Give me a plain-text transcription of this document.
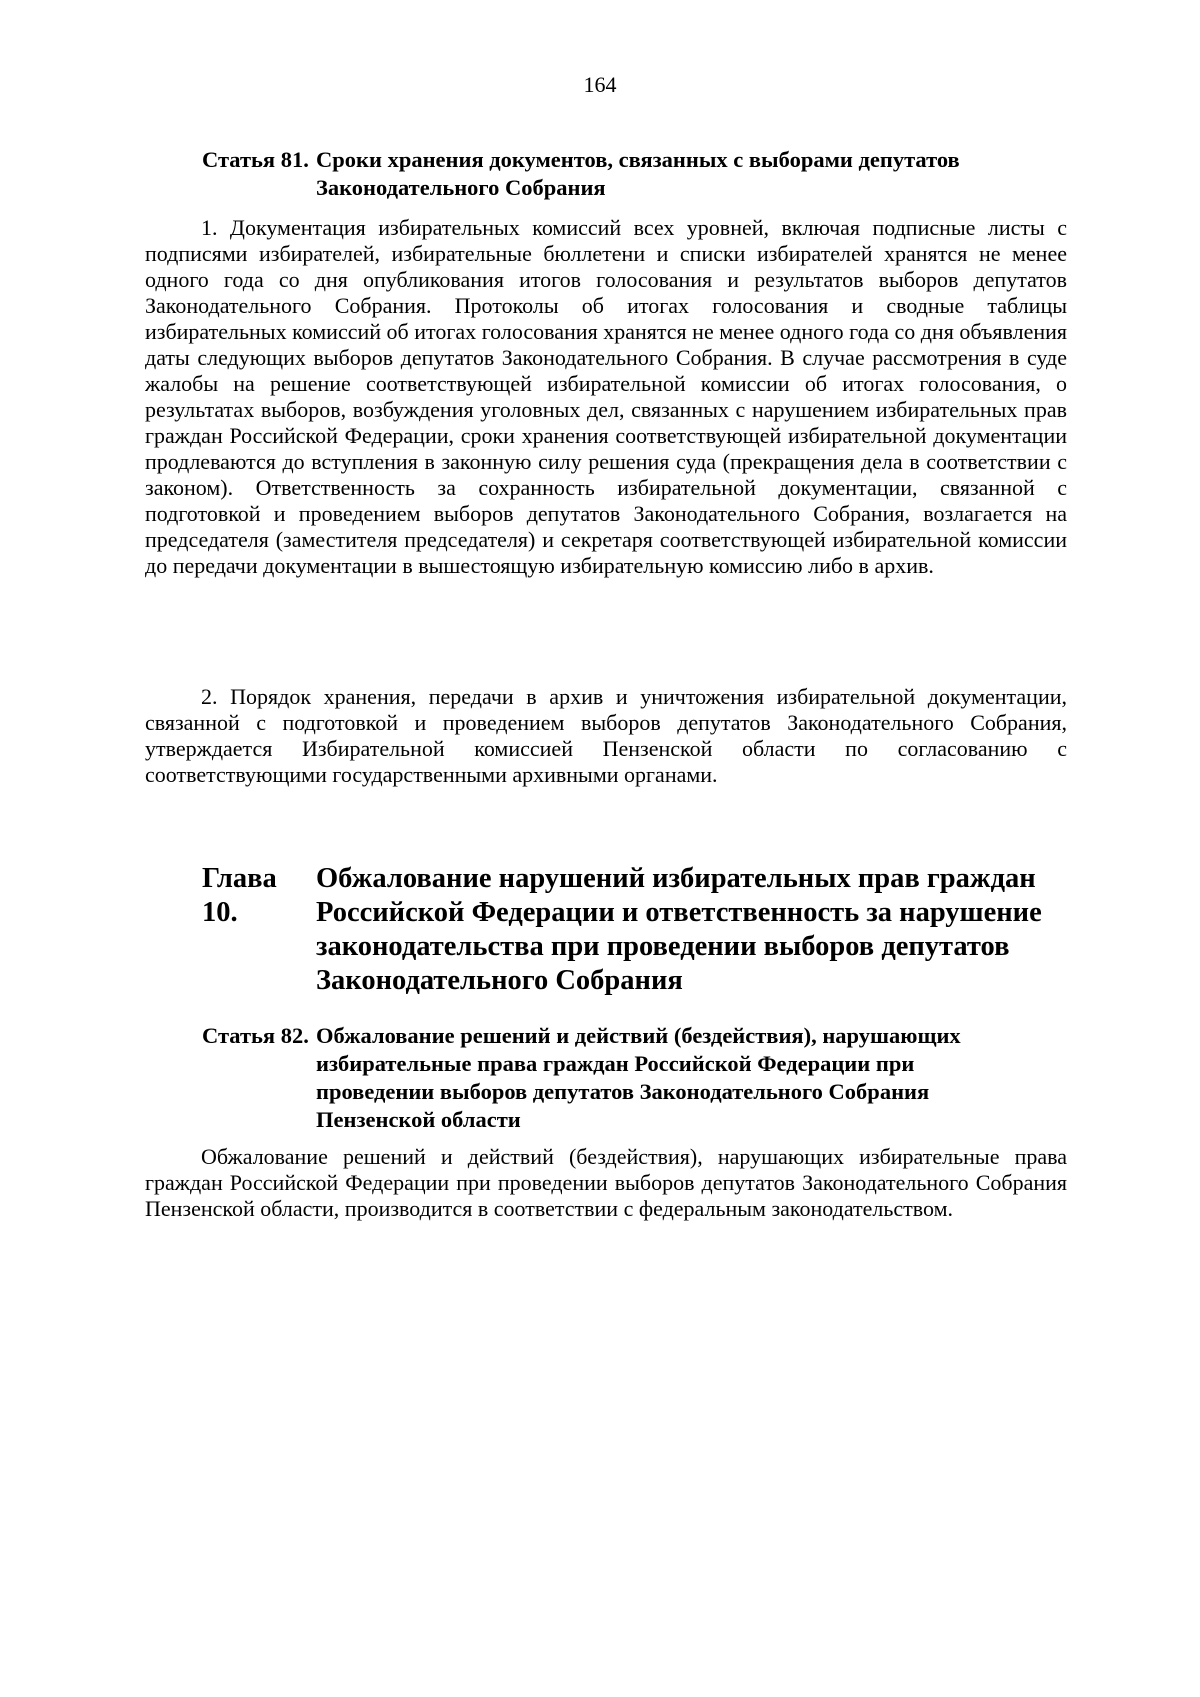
164
Статья 81. Сроки хранения документов, связанных с выборами депутатов
Законодательного Собрания

1. Документация избирательных комиссий всех уровней, включая подписные листы с подписями избирателей, избирательные бюллетени и списки избирателей хранятся не менее одного года со дня опубликования итогов голосования и результатов выборов депутатов Законодательного Собрания. Протоколы об итогах голосования и сводные таблицы избирательных комиссий об итогах голосования хранятся не менее одного года со дня объявления даты следующих выборов депутатов Законодательного Собрания. В случае рассмотрения в суде жалобы на решение соответствующей избирательной комиссии об итогах голосования, о результатах выборов, возбуждения уголовных дел, связанных с нарушением избирательных прав граждан Российской Федерации, сроки хранения соответствующей избирательной документации продлеваются до вступления в законную силу решения суда (прекращения дела в соответствии с законом). Ответственность за сохранность избирательной документации, связанной с подготовкой и проведением выборов депутатов Законодательного Собрания, возлагается на председателя (заместителя председателя) и секретаря соответствующей избирательной комиссии до передачи документации в вышестоящую избирательную комиссию либо в архив.

2. Порядок хранения, передачи в архив и уничтожения избирательной документации, связанной с подготовкой и проведением выборов депутатов Законодательного Собрания, утверждается Избирательной комиссией Пензенской области по согласованию с соответствующими государственными архивными органами.

Глава 10.
Обжалование нарушений избирательных прав граждан
Российской Федерации и ответственность за нарушение
законодательства при проведении выборов депутатов
Законодательного Собрания
Статья 82. Обжалование решений и действий (бездействия), нарушающих
избирательные права граждан Российской Федерации при
проведении выборов депутатов Законодательного Собрания
Пензенской области

Обжалование решений и действий (бездействия), нарушающих избирательные права граждан Российской Федерации при проведении выборов депутатов Законодательного Собрания Пензенской области, производится в соответствии с федеральным законодательством.
